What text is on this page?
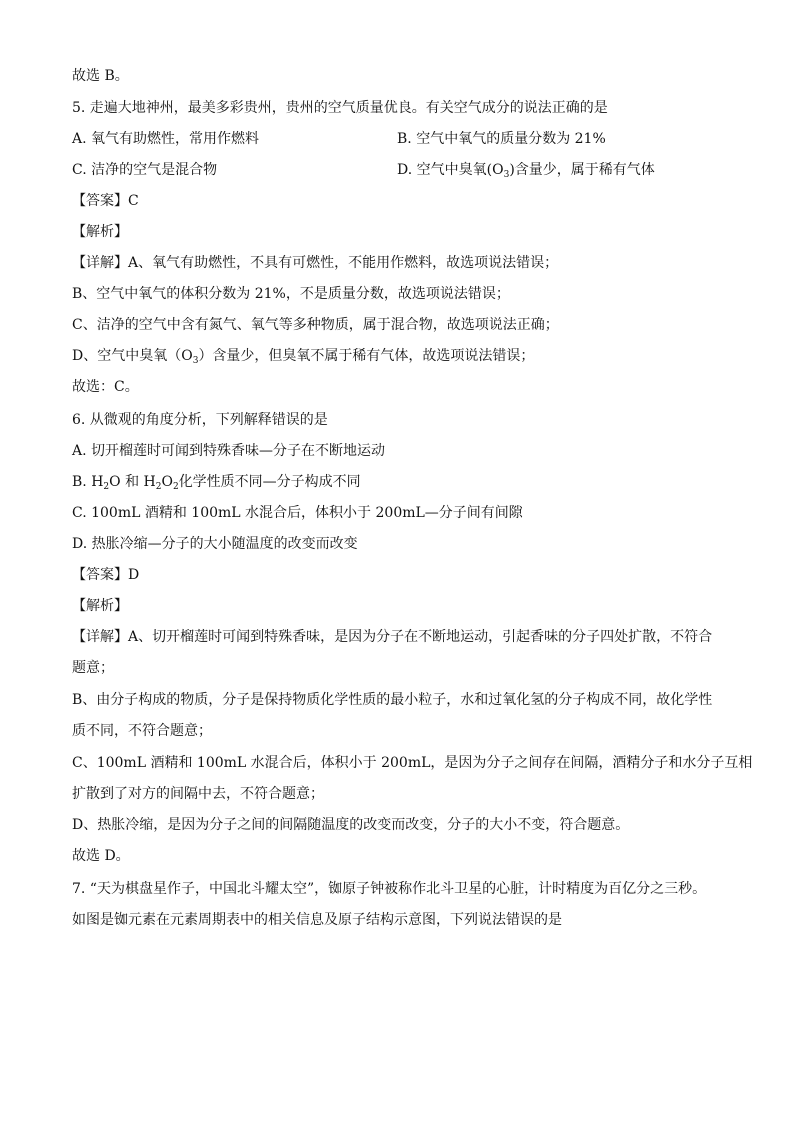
故选 B。
5. 走遍大地神州，最美多彩贵州，贵州的空气质量优良。有关空气成分的说法正确的是
A. 氧气有助燃性，常用作燃料	B. 空气中氧气的质量分数为 21%
C. 洁净的空气是混合物	D. 空气中臭氧$(O_3)$含量少，属于稀有气体
【答案】C
【解析】
【详解】A、氧气有助燃性，不具有可燃性，不能用作燃料，故选项说法错误；
B、空气中氧气的体积分数为 21%，不是质量分数，故选项说法错误；
C、洁净的空气中含有氮气、氧气等多种物质，属于混合物，故选项说法正确；
D、空气中臭氧$(O_3)$含量少，但臭氧不属于稀有气体，故选项说法错误；
故选：C。
6. 从微观的角度分析，下列解释错误的是
A. 切开榴莲时可闻到特殊香味—分子在不断地运动
B. $H_2O$ 和 $H_2O_2$化学性质不同—分子构成不同
C. 100mL 酒精和 100mL 水混合后，体积小于 200mL—分子间有间隙
D. 热胀冷缩—分子的大小随温度的改变而改变
【答案】D
【解析】
【详解】A、切开榴莲时可闻到特殊香味，是因为分子在不断地运动，引起香味的分子四处扩散，不符合
题意；
B、由分子构成的物质，分子是保持物质化学性质的最小粒子，水和过氧化氢的分子构成不同，故化学性
质不同，不符合题意；
C、100mL 酒精和 100mL 水混合后，体积小于 200mL，是因为分子之间存在间隔，酒精分子和水分子互相
扩散到了对方的间隔中去，不符合题意；
D、热胀冷缩，是因为分子之间的间隔随温度的改变而改变，分子的大小不变，符合题意。
故选 D。
7. “天为棋盘星作子，中国北斗耀太空”，铷原子钟被称作北斗卫星的心脏，计时精度为百亿分之三秒。
如图是铷元素在元素周期表中的相关信息及原子结构示意图，下列说法错误的是
